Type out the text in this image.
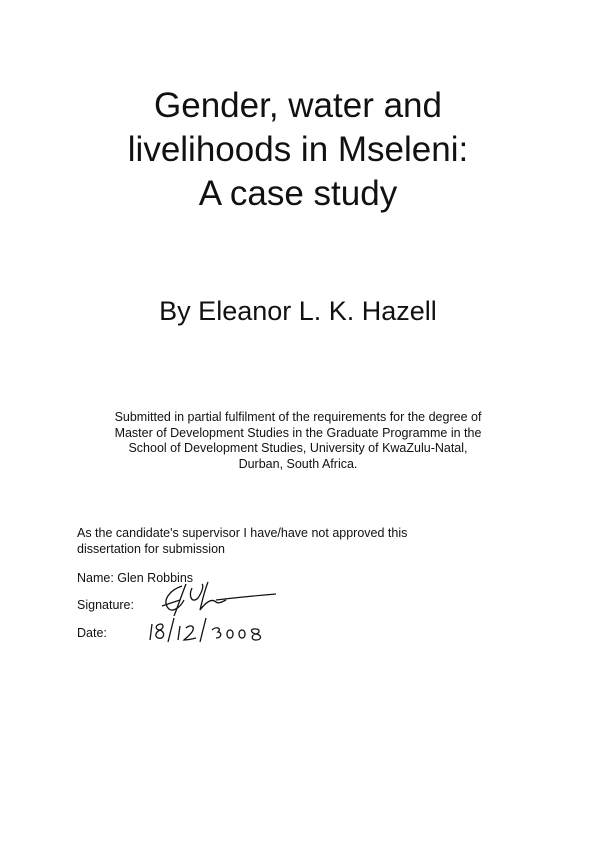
Gender, water and
livelihoods in Mseleni:
A case study
By Eleanor L. K. Hazell
Submitted in partial fulfilment of the requirements for the degree of
Master of Development Studies in the Graduate Programme in the
School of Development Studies, University of KwaZulu-Natal,
Durban, South Africa.
As the candidate's supervisor I have/have not approved this
dissertation for submission
Name: Glen Robbins
Signature:
Date:
